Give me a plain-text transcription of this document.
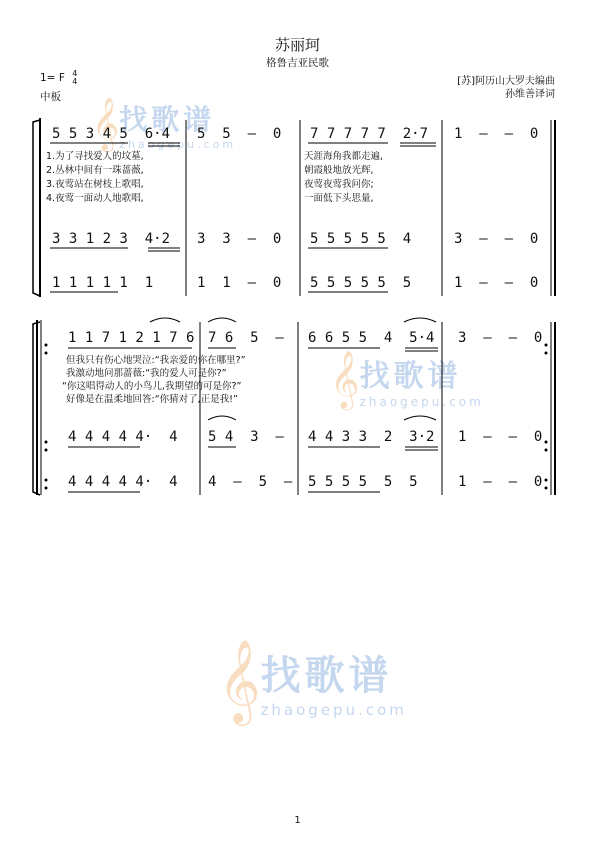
苏丽珂
格鲁吉亚民歌
1= F 4
4
中板
[苏]阿历山大罗夫编曲
孙维善译词
𝄞 找歌谱
zhaogepu.com
𝄞 找歌谱
zhaogepu.com
𝄞 找歌谱
zhaogepu.com
5 5 3 4 5  6·4 5  5  –  0 7 7 7 7 7  2·7 1  –  –  0
1.为了寻找爱人的坟墓,	天涯海角我都走遍,
2.丛林中间有一珠蔷薇,	朝霞般地放光辉,
3.夜莺站在树枝上歌唱,	夜莺夜莺我问你;
4.夜莺一面动人地歌唱,	一面低下头思量,
3 3 1 2 3  4·2 3  3  –  0 5 5 5 5 5  4	3  –  –  0
1 1 1 1 1  1	1  1  –  0 5 5 5 5 5  5	1  –  –  0
1 1 7 1 2 1 7 6 7 6  5  – 6 6 5 5  4  5·4 3  –  –  0
但我只有伤心地哭泣:“我亲爱的你在哪里?”
我激动地问那蔷薇:“我的爱人可是你?”
“你这唱得动人的小鸟儿,我期望的可是你?”
好像是在温柔地回答:“你猜对了,正是我!”
4 4 4 4 4·  4 5 4  3  – 4 4 3 3  2  3·2 1  –  –  0
4 4 4 4 4·  4 4  –  5  – 5 5 5 5  5  5	1  –  –  0
1
